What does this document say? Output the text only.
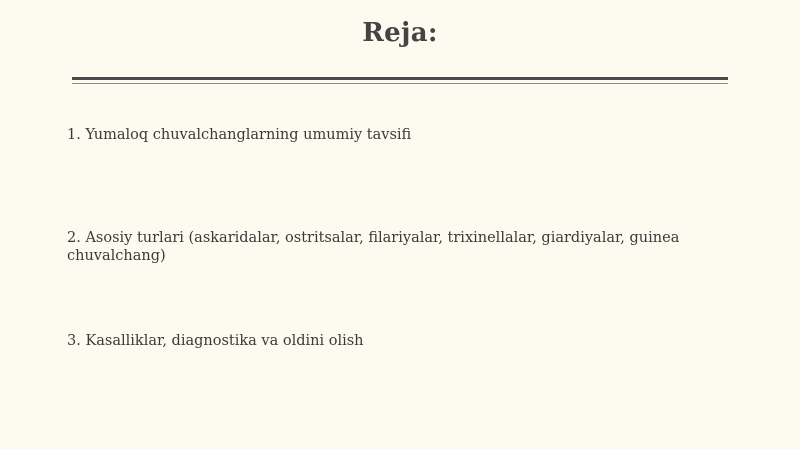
Reja:
1. Yumaloq chuvalchanglarning umumiy tavsifi
2. Asosiy turlari (askaridalar, ostritsalar, filariyalar, trixinellalar, giardiyalar, guinea chuvalchang)
3. Kasalliklar, diagnostika va oldini olish
